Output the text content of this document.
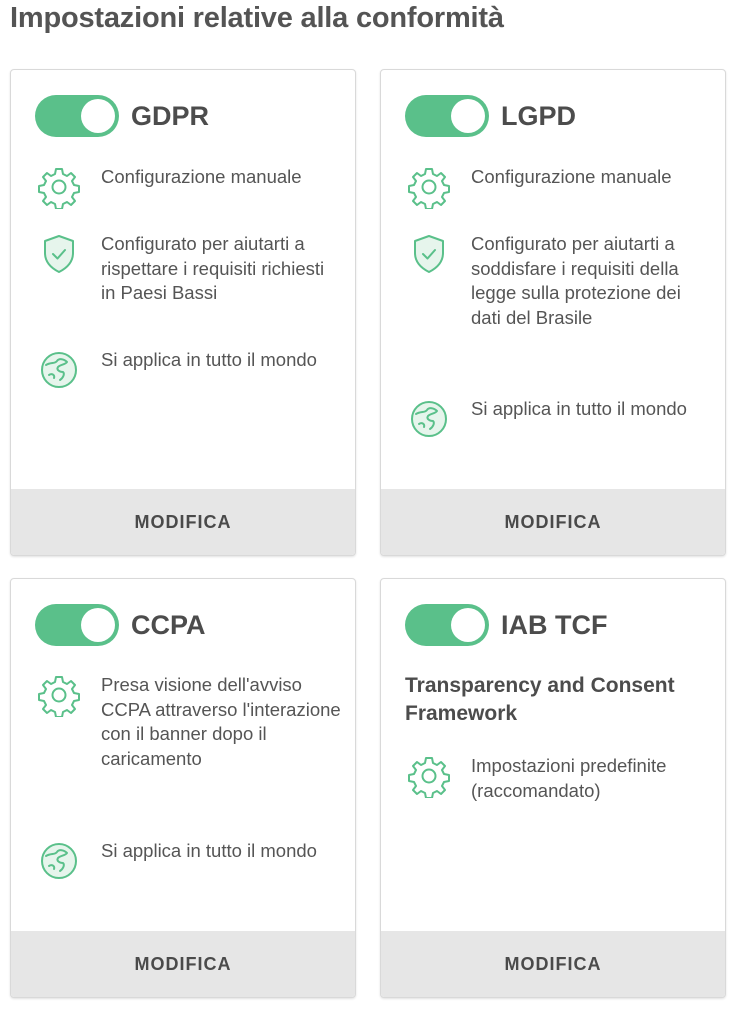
Impostazioni relative alla conformità
GDPR
Configurazione manuale
Configurato per aiutarti a rispettare i requisiti richiesti in Paesi Bassi
Si applica in tutto il mondo
MODIFICA
LGPD
Configurazione manuale
Configurato per aiutarti a soddisfare i requisiti della legge sulla protezione dei dati del Brasile
Si applica in tutto il mondo
MODIFICA
CCPA
Presa visione dell'avviso CCPA attraverso l'interazione con il banner dopo il caricamento
Si applica in tutto il mondo
MODIFICA
IAB TCF
Transparency and Consent Framework
Impostazioni predefinite (raccomandato)
MODIFICA
